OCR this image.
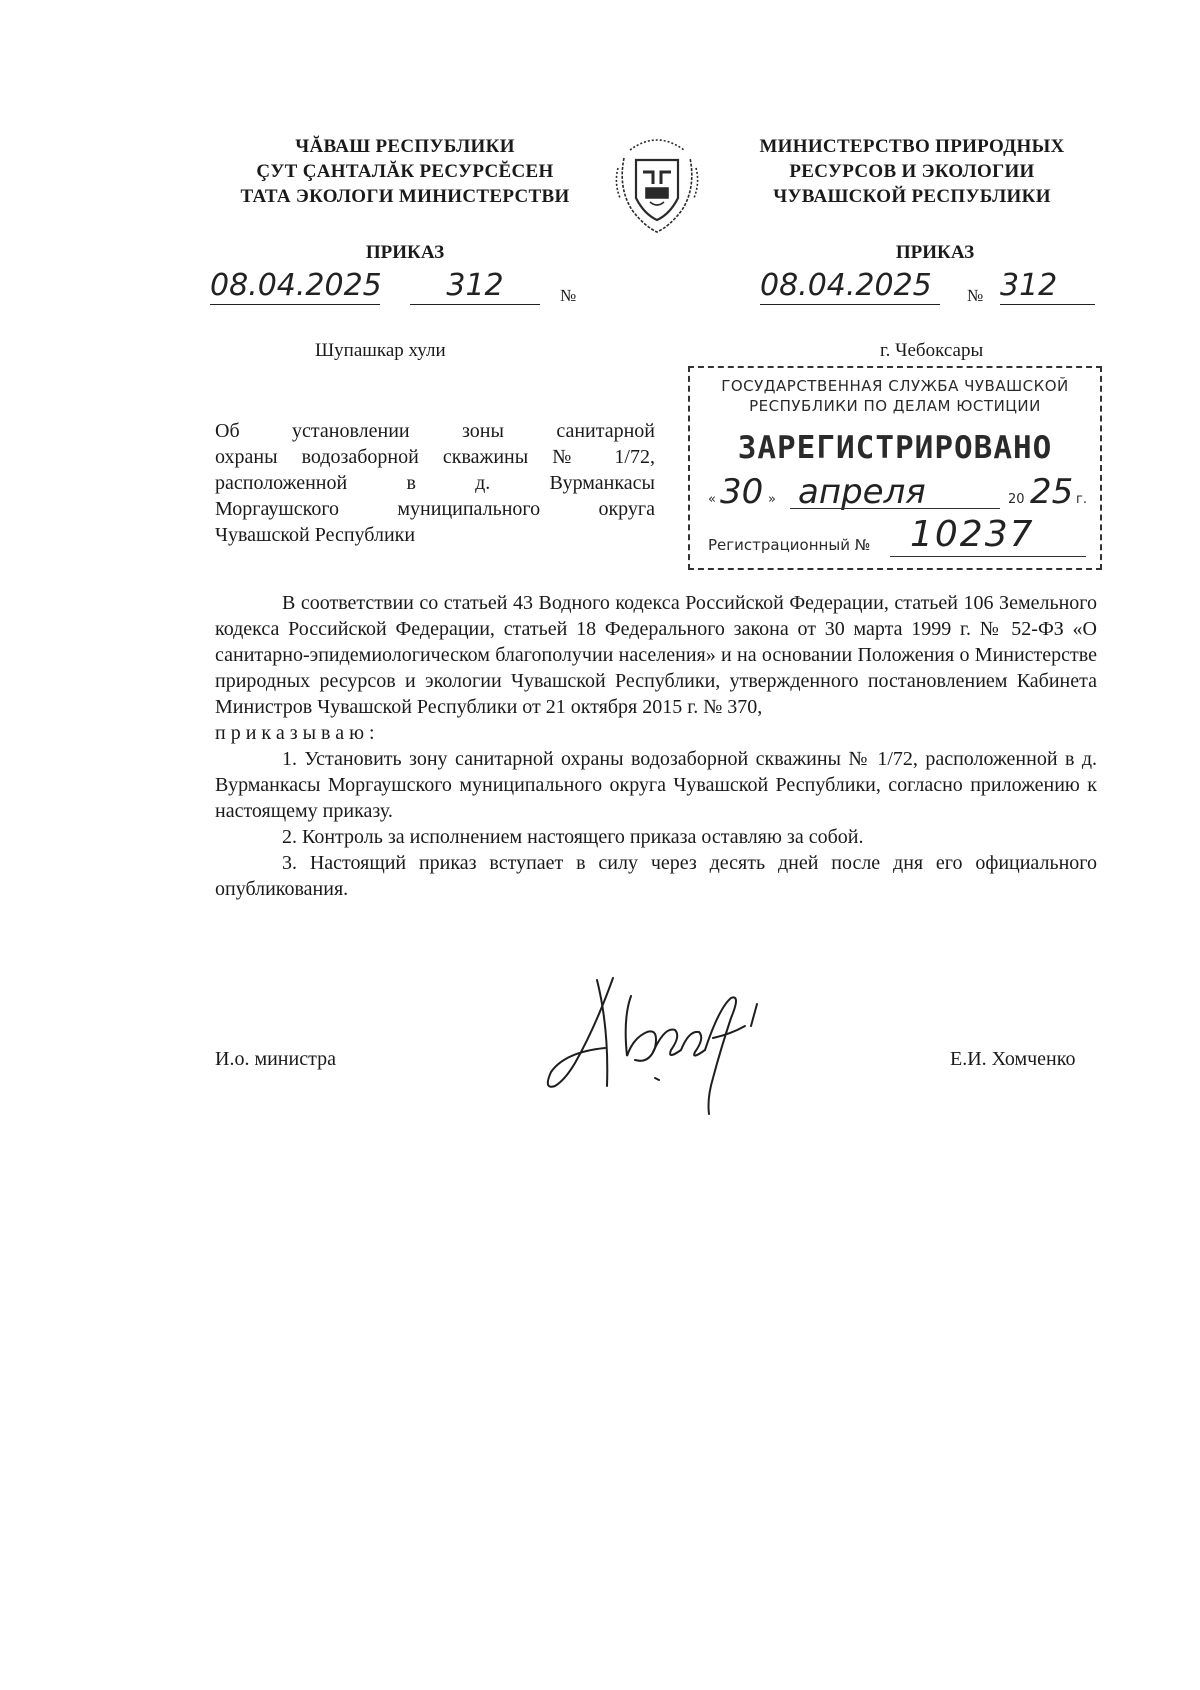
ЧĂВАШ РЕСПУБЛИКИ
ÇУТ ÇАНТАЛĂК РЕСУРСĔСЕН
ТАТА ЭКОЛОГИ МИНИСТЕРСТВИ
МИНИСТЕРСТВО ПРИРОДНЫХ
РЕСУРСОВ И ЭКОЛОГИИ
ЧУВАШСКОЙ РЕСПУБЛИКИ
ПРИКАЗ	ПРИКАЗ
08.04.2025	312	№	08.04.2025	№ 312
Шупашкар хули	г. Чебоксары
ГОСУДАРСТВЕННАЯ СЛУЖБА ЧУВАШСКОЙ
РЕСПУБЛИКИ ПО ДЕЛАМ ЮСТИЦИИ
ЗАРЕГИСТРИРОВАНО
« 30 » апреля	20 25 г.
Регистрационный № 10237

Об установлении зоны санитарной

охраны водозаборной скважины № 1/72,

расположенной в д. Вурманкасы

Моргаушского муниципального округа

Чувашской Республики

В соответствии со статьей 43 Водного кодекса Российской Федерации, статьей 106 Земельного кодекса Российской Федерации, статьей 18 Федерального закона от 30 марта 1999 г. № 52-ФЗ «О санитарно-эпидемиологическом благополучии населения» и на основании Положения о Министерстве природных ресурсов и экологии Чувашской Республики, утвержденного постановлением Кабинета Министров Чувашской Республики от 21 октября 2015 г. № 370,

приказываю:

1. Установить зону санитарной охраны водозаборной скважины № 1/72, расположенной в д. Вурманкасы Моргаушского муниципального округа Чувашской Республики, согласно приложению к настоящему приказу.

2. Контроль за исполнением настоящего приказа оставляю за собой.

3. Настоящий приказ вступает в силу через десять дней после дня его официального опубликования.

И.о. министра	Е.И. Хомченко
